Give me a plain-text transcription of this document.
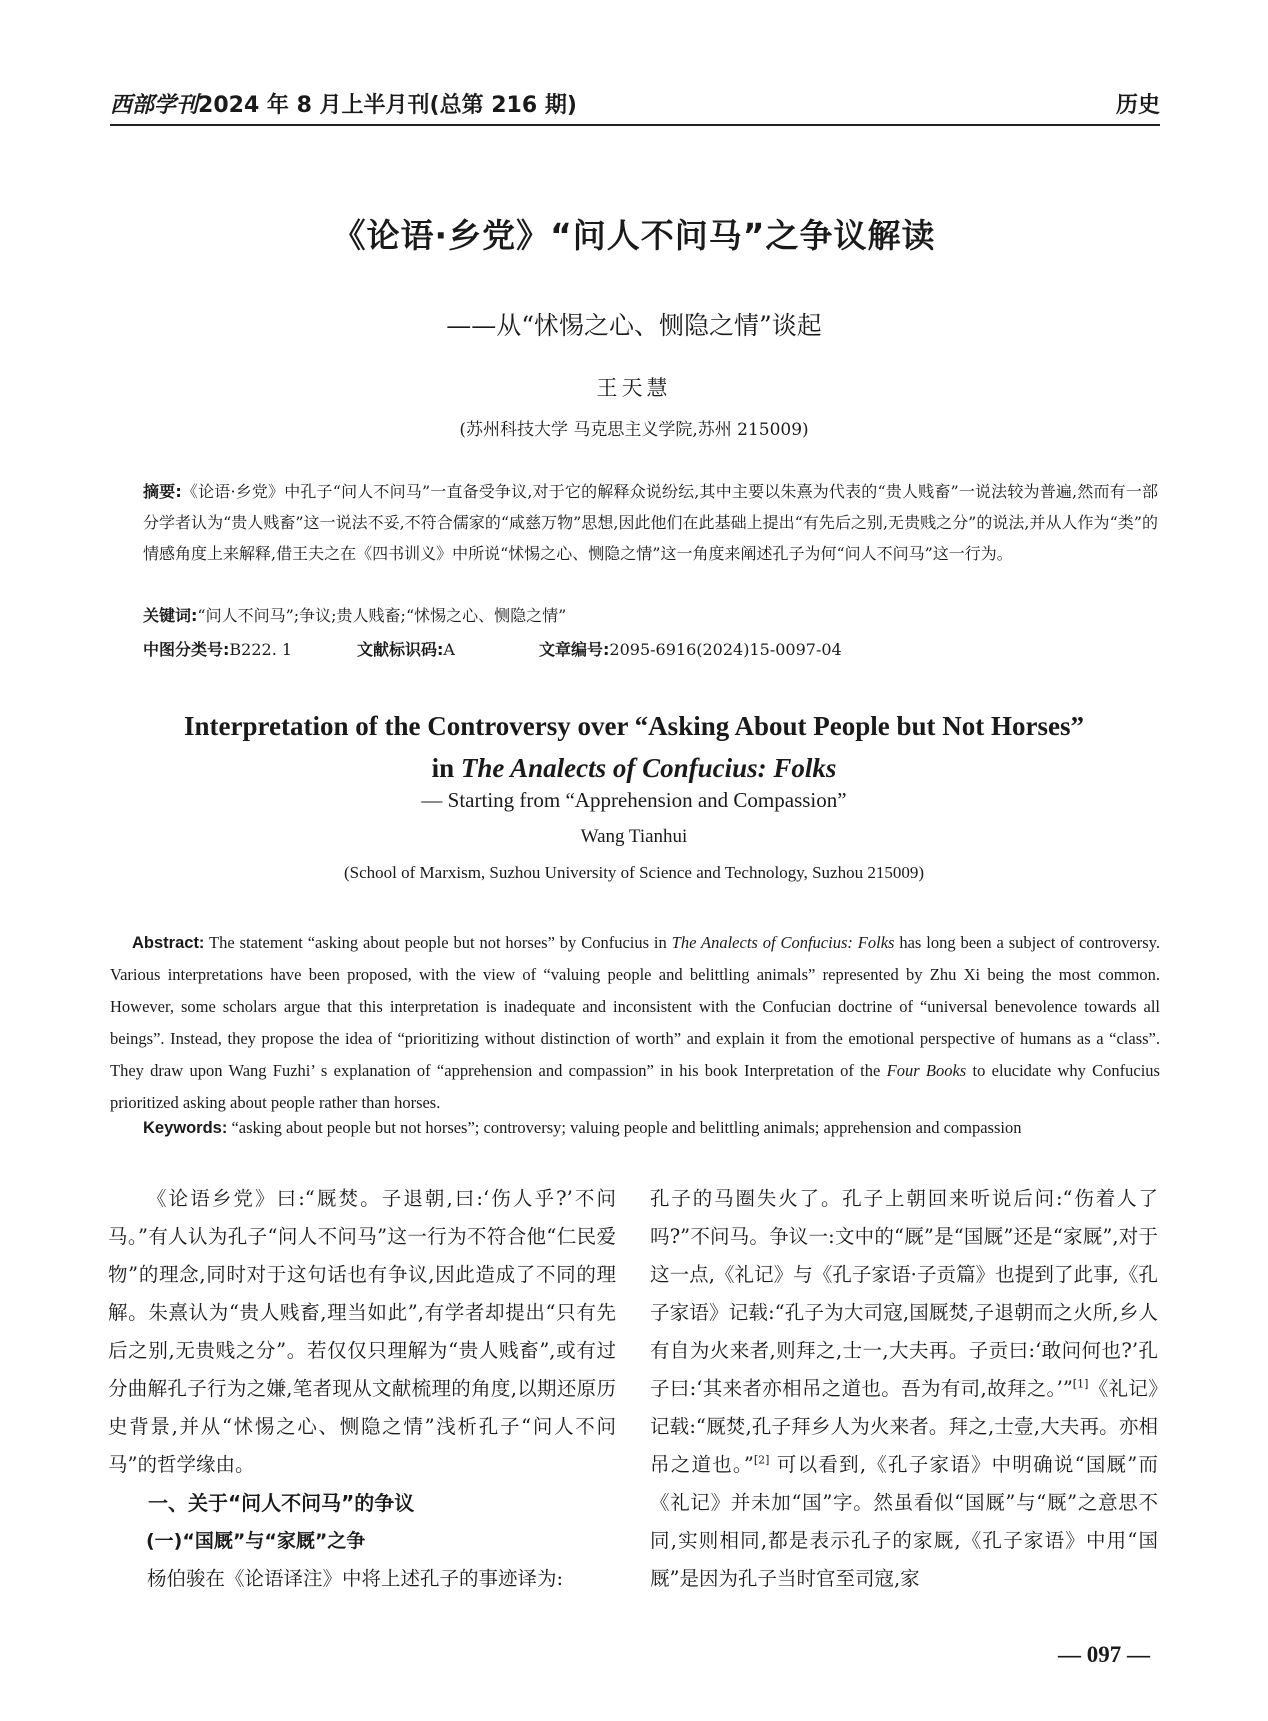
西部学刊2024 年 8 月上半月刊(总第 216 期)	历史
《论语·乡党》“问人不问马”之争议解读
——从“怵惕之心、恻隐之情”谈起
王天慧
(苏州科技大学 马克思主义学院,苏州 215009)
摘要:《论语·乡党》中孔子“问人不问马”一直备受争议,对于它的解释众说纷纭,其中主要以朱熹为代表的“贵人贱畜”一说法较为普遍,然而有一部分学者认为“贵人贱畜”这一说法不妥,不符合儒家的“咸慈万物”思想,因此他们在此基础上提出“有先后之别,无贵贱之分”的说法,并从人作为“类”的情感角度上来解释,借王夫之在《四书训义》中所说“怵惕之心、恻隐之情”这一角度来阐述孔子为何“问人不问马”这一行为。
关键词:“问人不问马”;争议;贵人贱畜;“怵惕之心、恻隐之情”
中图分类号:B222. 1	文献标识码:A	文章编号:2095-6916(2024)15-0097-04
Interpretation of the Controversy over “Asking About People but Not Horses”
in The Analects of Confucius: Folks
— Starting from “Apprehension and Compassion”
Wang Tianhui
(School of Marxism, Suzhou University of Science and Technology, Suzhou 215009)
Abstract: The statement “asking about people but not horses” by Confucius in The Analects of Confucius: Folks has long been a subject of controversy. Various interpretations have been proposed, with the view of “valuing people and belittling animals” represented by Zhu Xi being the most common. However, some scholars argue that this interpretation is inadequate and inconsistent with the Confucian doctrine of “universal benevolence towards all beings”. Instead, they propose the idea of “prioritizing without distinction of worth” and explain it from the emotional perspective of humans as a “class”. They draw upon Wang Fuzhi’ s explanation of “apprehension and compassion” in his book Interpretation of the Four Books to elucidate why Confucius prioritized asking about people rather than horses.
Keywords: “asking about people but not horses”; controversy; valuing people and belittling animals; apprehension and compassion

《论语乡党》曰:“厩焚。子退朝,曰:‘伤人乎?’不问马。”有人认为孔子“问人不问马”这一行为不符合他“仁民爱物”的理念,同时对于这句话也有争议,因此造成了不同的理解。朱熹认为“贵人贱畜,理当如此”,有学者却提出“只有先后之别,无贵贱之分”。若仅仅只理解为“贵人贱畜”,或有过分曲解孔子行为之嫌,笔者现从文献梳理的角度,以期还原历史背景,并从“怵惕之心、恻隐之情”浅析孔子“问人不问马”的哲学缘由。

一、关于“问人不问马”的争议

(一)“国厩”与“家厩”之争

杨伯骏在《论语译注》中将上述孔子的事迹译为:

孔子的马圈失火了。孔子上朝回来听说后问:“伤着人了吗?”不问马。争议一:文中的“厩”是“国厩”还是“家厩”,对于这一点,《礼记》与《孔子家语·子贡篇》也提到了此事,《孔子家语》记载:“孔子为大司寇,国厩焚,子退朝而之火所,乡人有自为火来者,则拜之,士一,大夫再。子贡曰:‘敢问何也?’孔子曰:‘其来者亦相吊之道也。吾为有司,故拜之。’”[1]《礼记》记载:“厩焚,孔子拜乡人为火来者。拜之,士壹,大夫再。亦相吊之道也。”[2] 可以看到,《孔子家语》中明确说“国厩”而《礼记》并未加“国”字。然虽看似“国厩”与“厩”之意思不同,实则相同,都是表示孔子的家厩,《孔子家语》中用“国厩”是因为孔子当时官至司寇,家

— 097 —
